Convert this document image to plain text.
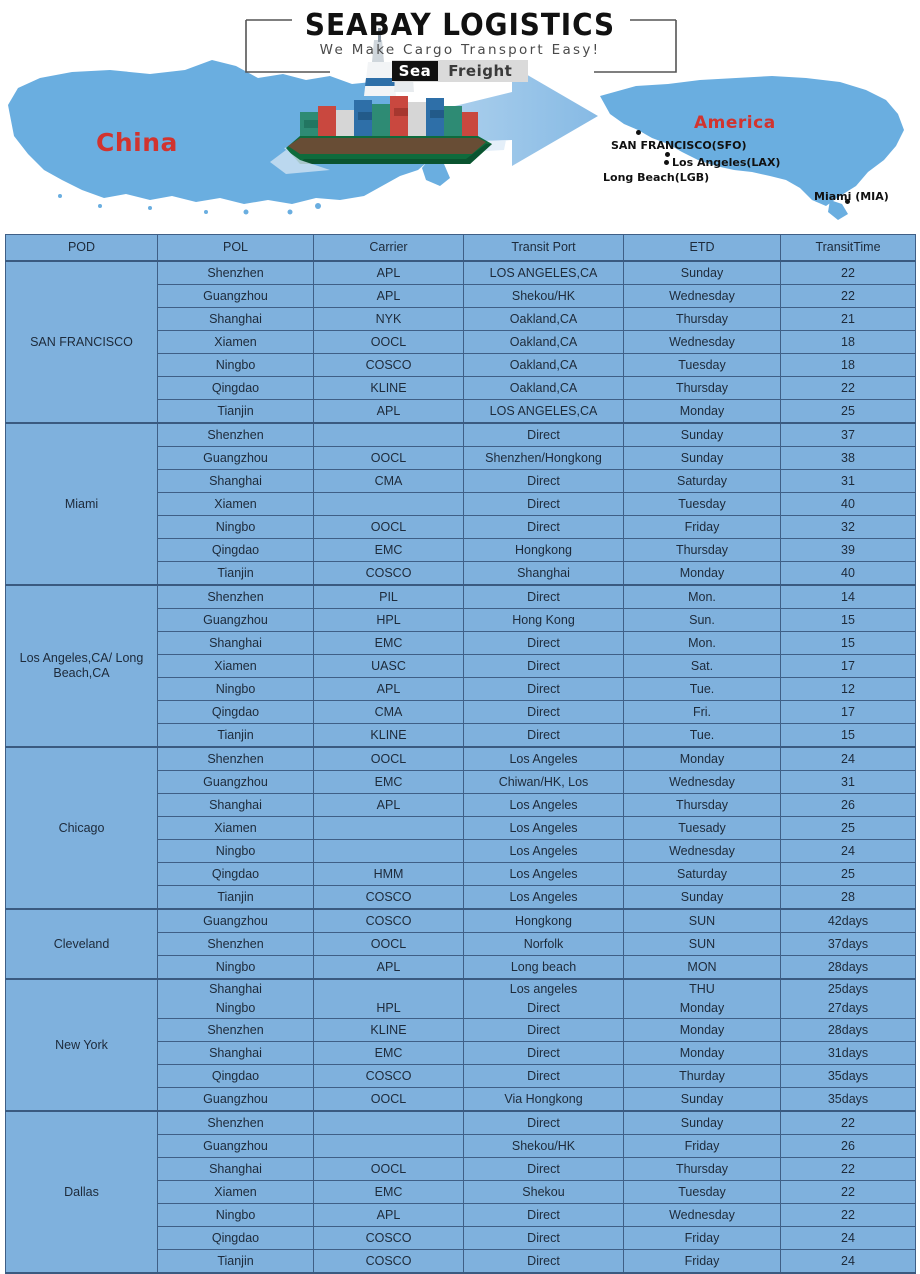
SEABAY LOGISTICS
We Make Cargo Transport Easy!
Sea Freight
China
America
SAN FRANCISCO(SFO)
Los Angeles(LAX)
Long Beach(LGB)
Miami (MIA)
POD	POL	Carrier	Transit Port	ETD	TransitTime
SAN FRANCISCO	Shenzhen	APL	LOS ANGELES,CA	Sunday	22
	Guangzhou	APL	Shekou/HK	Wednesday	22
	Shanghai	NYK	Oakland,CA	Thursday	21
	Xiamen	OOCL	Oakland,CA	Wednesday	18
	Ningbo	COSCO	Oakland,CA	Tuesday	18
	Qingdao	KLINE	Oakland,CA	Thursday	22
	Tianjin	APL	LOS ANGELES,CA	Monday	25
Miami	Shenzhen		Direct	Sunday	37
	Guangzhou	OOCL	Shenzhen/Hongkong	Sunday	38
	Shanghai	CMA	Direct	Saturday	31
	Xiamen		Direct	Tuesday	40
	Ningbo	OOCL	Direct	Friday	32
	Qingdao	EMC	Hongkong	Thursday	39
	Tianjin	COSCO	Shanghai	Monday	40
Los Angeles,CA/ Long Beach,CA	Shenzhen	PIL	Direct	Mon.	14
	Guangzhou	HPL	Hong Kong	Sun.	15
	Shanghai	EMC	Direct	Mon.	15
	Xiamen	UASC	Direct	Sat.	17
	Ningbo	APL	Direct	Tue.	12
	Qingdao	CMA	Direct	Fri.	17
	Tianjin	KLINE	Direct	Tue.	15
Chicago	Shenzhen	OOCL	Los Angeles	Monday	24
	Guangzhou	EMC	Chiwan/HK, Los	Wednesday	31
	Shanghai	APL	Los Angeles	Thursday	26
	Xiamen		Los Angeles	Tuesady	25
	Ningbo		Los Angeles	Wednesday	24
	Qingdao	HMM	Los Angeles	Saturday	25
	Tianjin	COSCO	Los Angeles	Sunday	28
Cleveland	Guangzhou	COSCO	Hongkong	SUN	42days
	Shenzhen	OOCL	Norfolk	SUN	37days
	Ningbo	APL	Long beach	MON	28days
New York	Shanghai		Los angeles	THU	25days
	Ningbo	HPL	Direct	Monday	27days
	Shenzhen	KLINE	Direct	Monday	28days
	Shanghai	EMC	Direct	Monday	31days
	Qingdao	COSCO	Direct	Thurday	35days
	Guangzhou	OOCL	Via Hongkong	Sunday	35days
Dallas	Shenzhen		Direct	Sunday	22
	Guangzhou		Shekou/HK	Friday	26
	Shanghai	OOCL	Direct	Thursday	22
	Xiamen	EMC	Shekou	Tuesday	22
	Ningbo	APL	Direct	Wednesday	22
	Qingdao	COSCO	Direct	Friday	24
	Tianjin	COSCO	Direct	Friday	24
